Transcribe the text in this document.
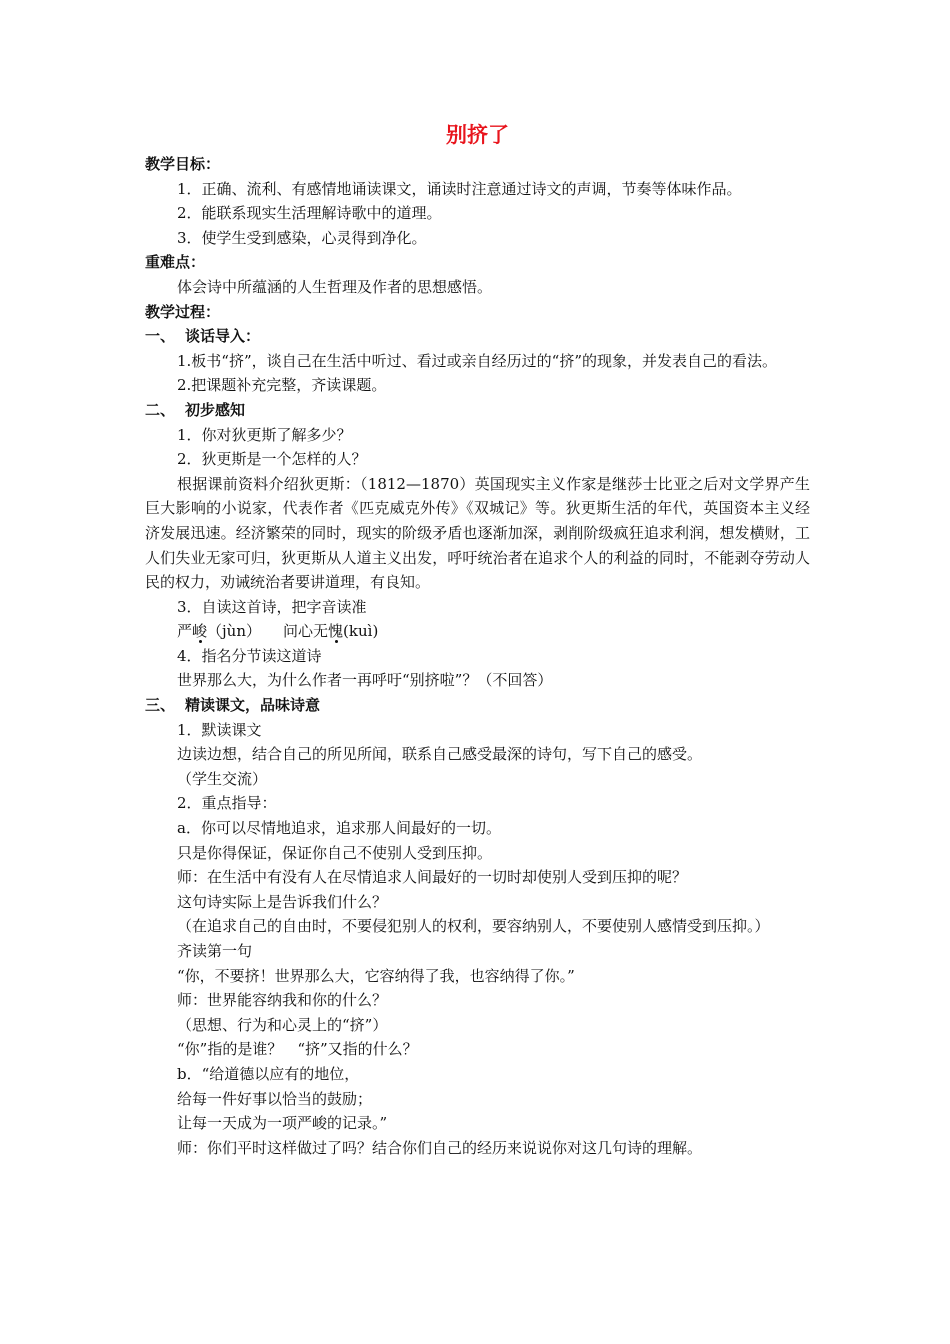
别挤了
教学目标：
1．正确、流利、有感情地诵读课文，诵读时注意通过诗文的声调，节奏等体味作品。
2．能联系现实生活理解诗歌中的道理。
3．使学生受到感染，心灵得到净化。
重难点：
体会诗中所蕴涵的人生哲理及作者的思想感悟。
教学过程：
一、 谈话导入：
1.板书“挤”，谈自己在生活中听过、看过或亲自经历过的“挤”的现象，并发表自己的看法。
2.把课题补充完整，齐读课题。
二、 初步感知
1．你对狄更斯了解多少？
2．狄更斯是一个怎样的人？
根据课前资料介绍狄更斯：（1812—1870）英国现实主义作家是继莎士比亚之后对文学界产生巨大影响的小说家，代表作者《匹克威克外传》《双城记》等。狄更斯生活的年代，英国资本主义经济发展迅速。经济繁荣的同时，现实的阶级矛盾也逐渐加深，剥削阶级疯狂追求利润，想发横财，工人们失业无家可归，狄更斯从人道主义出发，呼吁统治者在追求个人的利益的同时，不能剥夺劳动人民的权力，劝诫统治者要讲道理，有良知。
3．自读这首诗，把字音读准
严峻（jùn） 问心无愧(kuì)
4．指名分节读这道诗
世界那么大，为什么作者一再呼吁“别挤啦”？（不回答）
三、 精读课文，品味诗意
1．默读课文
边读边想，结合自己的所见所闻，联系自己感受最深的诗句，写下自己的感受。
（学生交流）
2．重点指导：
a．你可以尽情地追求，追求那人间最好的一切。
只是你得保证，保证你自己不使别人受到压抑。
师：在生活中有没有人在尽情追求人间最好的一切时却使别人受到压抑的呢？
这句诗实际上是告诉我们什么？
（在追求自己的自由时，不要侵犯别人的权利，要容纳别人，不要使别人感情受到压抑。）
齐读第一句
“你，不要挤！世界那么大，它容纳得了我，也容纳得了你。”
师：世界能容纳我和你的什么？
（思想、行为和心灵上的“挤”）
“你”指的是谁？　“挤”又指的什么？
b．“给道德以应有的地位，
给每一件好事以恰当的鼓励；
让每一天成为一项严峻的记录。”
师：你们平时这样做过了吗？结合你们自己的经历来说说你对这几句诗的理解。
